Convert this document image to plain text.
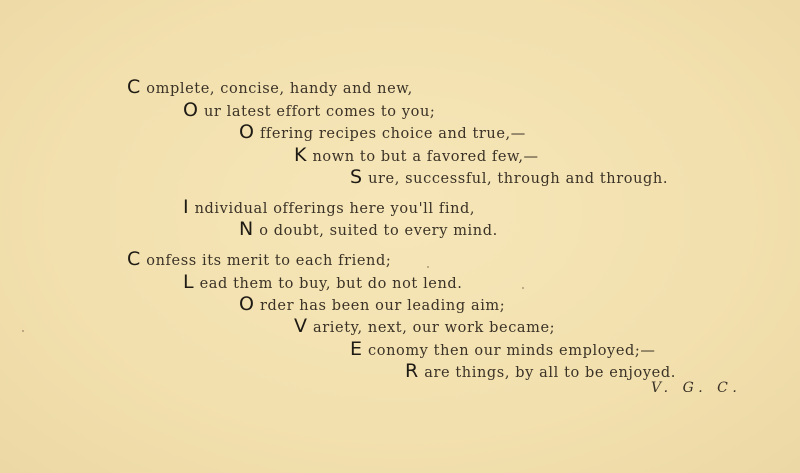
C omplete, concise, handy and new,
O ur latest effort comes to you;
O ffering recipes choice and true,—
K nown to but a favored few,—
S ure, successful, through and through.
I ndividual offerings here you'll find,
N o doubt, suited to every mind.
C onfess its merit to each friend;
L ead them to buy, but do not lend.
O rder has been our leading aim;
V ariety, next, our work became;
E conomy then our minds employed;—
R are things, by all to be enjoyed.
V. G. C.
